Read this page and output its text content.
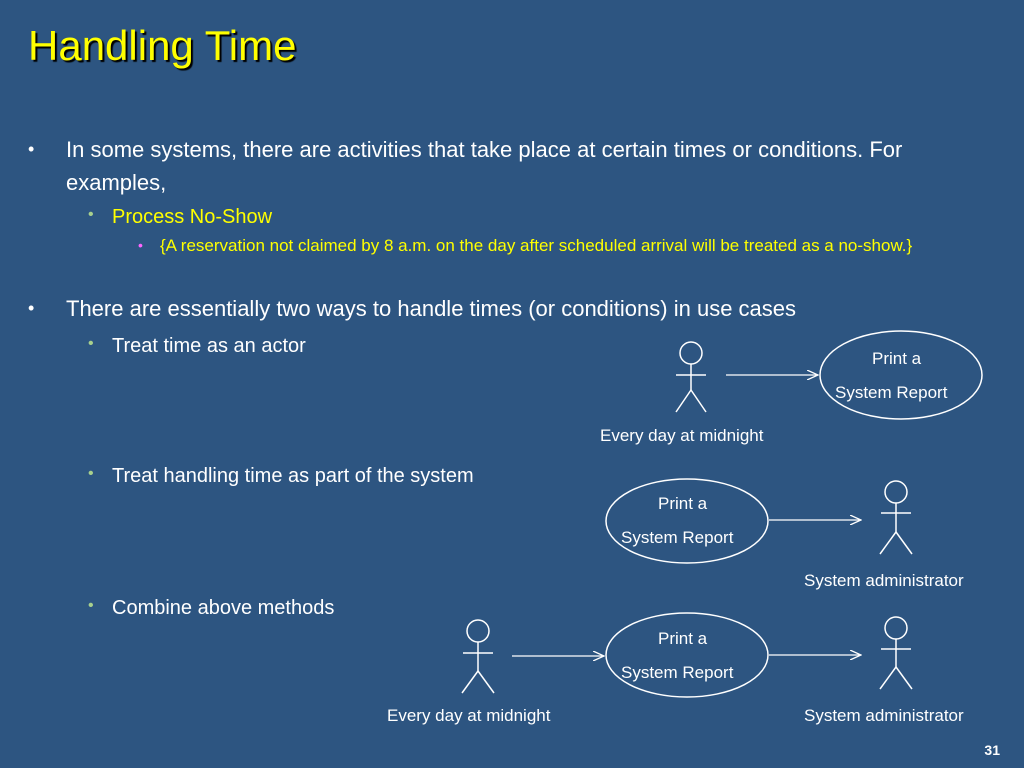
Handling Time
• In some systems, there are activities that take place at certain times or conditions. For examples,
• Process No-Show
• {A reservation not claimed by 8 a.m. on the day after scheduled arrival will be treated as a no-show.}
• There are essentially two ways to handle times (or conditions) in use cases
• Treat time as an actor
• Treat handling time as part of the system
• Combine above methods
Print a
System Report
Every day at midnight
Print a
System Report
System administrator
Print a
System Report
Every day at midnight	System administrator
31
